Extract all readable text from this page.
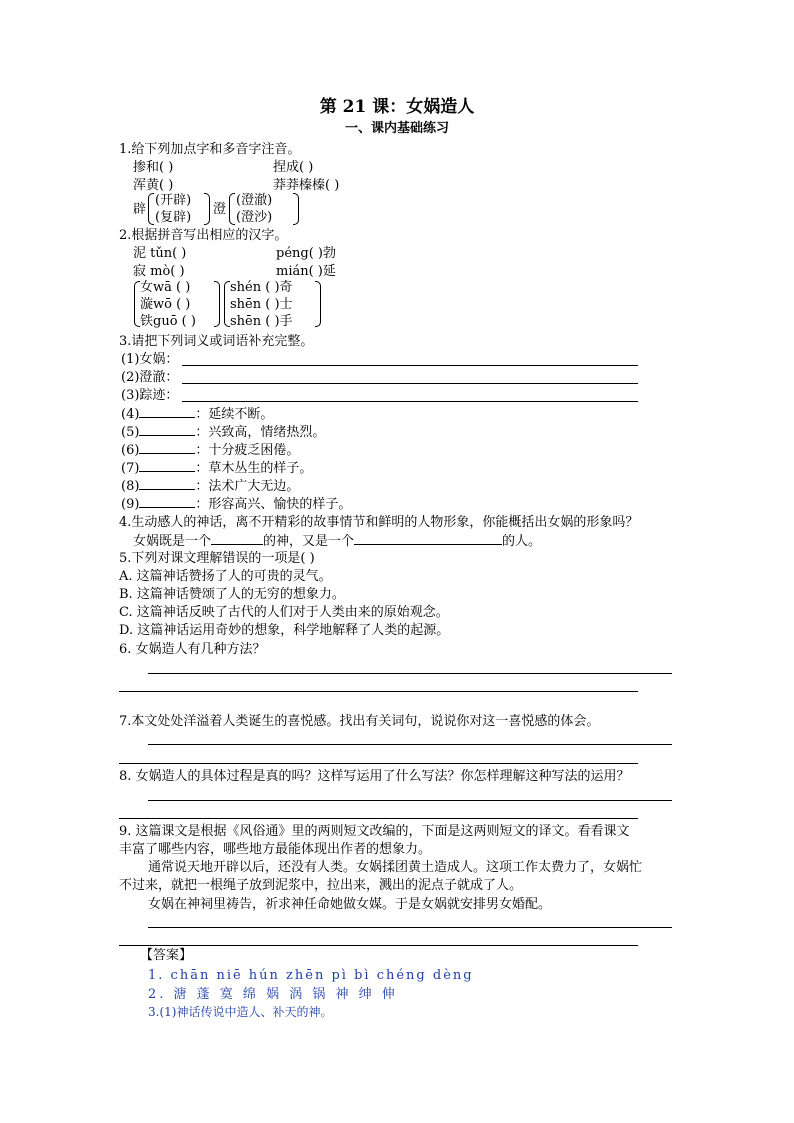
第 21 课：女娲造人
一、课内基础练习
1.给下列加点字和多音字注音。
掺和( )	捏成( )
浑黄( )	莽莽榛榛( )
辟
(开辟)
(复辟)
澄
(澄澈)
(澄沙)
2.根据拼音写出相应的汉字。
泥 tǔn( )	péng( )勃
寂 mò( )	mián( )延
女wā ( )
漩wō ( )
铁guō ( )
shén ( )奇
shēn ( )士
shēn ( )手
3.请把下列词义或词语补充完整。
(1)女娲：
(2)澄澈：
(3)踪迹：
(4)	：延续不断。
(5)	：兴致高，情绪热烈。
(6)	：十分疲乏困倦。
(7)	：草木丛生的样子。
(8)	：法术广大无边。
(9)	：形容高兴、愉快的样子。
4.生动感人的神话，离不开精彩的故事情节和鲜明的人物形象，你能概括出女娲的形象吗？
女娲既是一个	的神，又是一个	的人。
5.下列对课文理解错误的一项是( )
A. 这篇神话赞扬了人的可贵的灵气。
B. 这篇神话赞颂了人的无穷的想象力。
C. 这篇神话反映了古代的人们对于人类由来的原始观念。
D. 这篇神话运用奇妙的想象，科学地解释了人类的起源。
6. 女娲造人有几种方法？
7.本文处处洋溢着人类诞生的喜悦感。找出有关词句，说说你对这一喜悦感的体会。
8. 女娲造人的具体过程是真的吗？这样写运用了什么写法？你怎样理解这种写法的运用？
9. 这篇课文是根据《风俗通》里的两则短文改编的，下面是这两则短文的译文。看看课文
丰富了哪些内容，哪些地方最能体现出作者的想象力。
通常说天地开辟以后，还没有人类。女娲揉团黄土造成人。这项工作太费力了，女娲忙
不过来，就把一根绳子放到泥浆中，拉出来，溅出的泥点子就成了人。
女娲在神祠里祷告，祈求神任命她做女媒。于是女娲就安排男女婚配。
【答案】
1. chān niē hún zhēn pì bì chéng dèng
2. 溏 蓬 寞 绵 娲 涡 锅 神 绅 伸
3.(1)神话传说中造人、补天的神。
